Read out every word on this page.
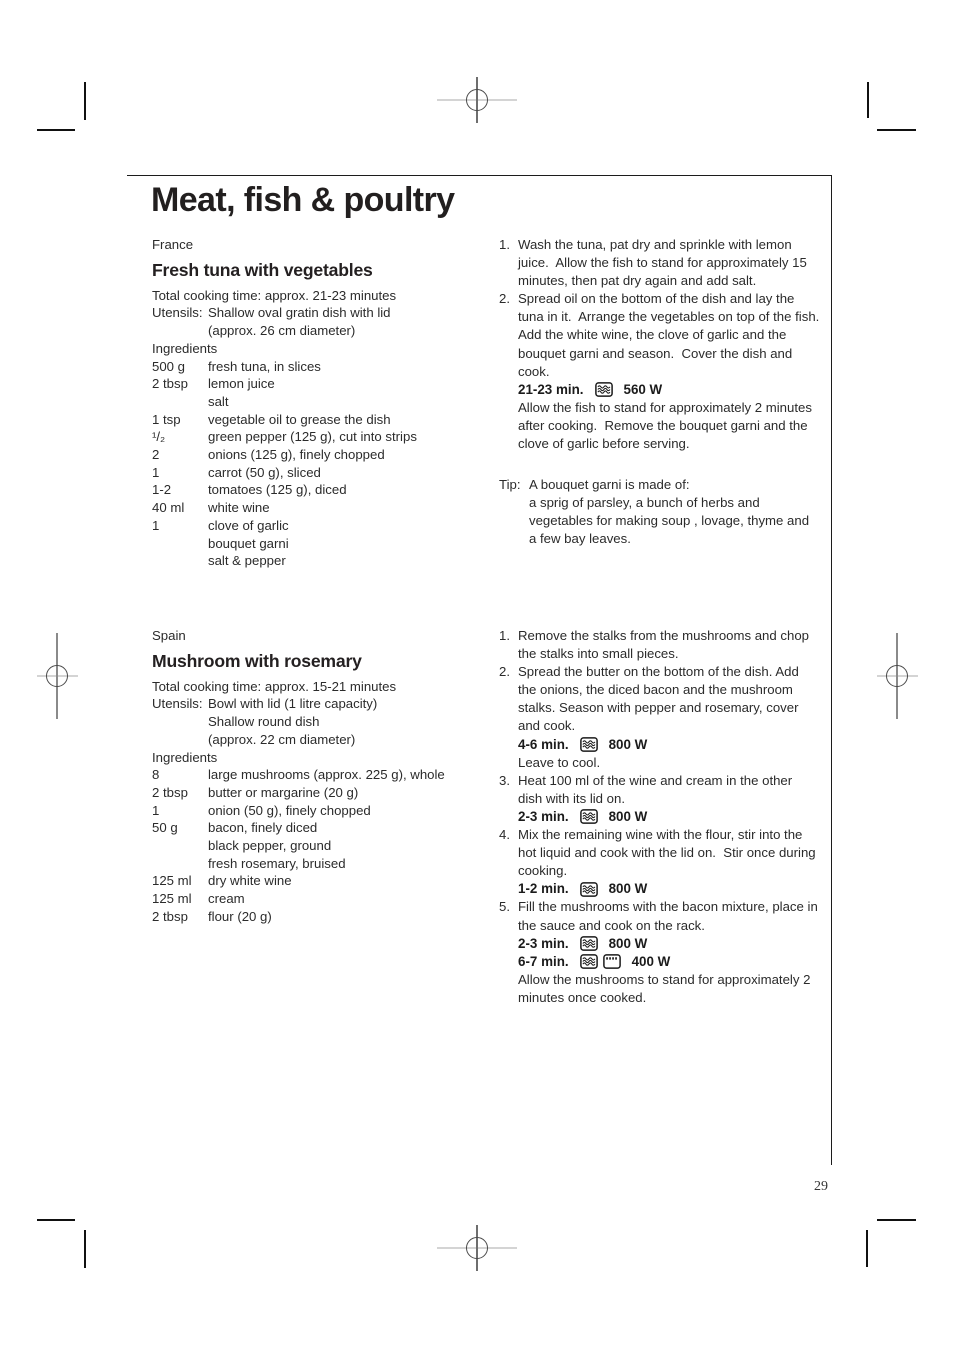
Meat, fish & poultry
France
Fresh tuna with vegetables
Total cooking time: approx. 21-23 minutes
Utensils: Shallow oval gratin dish with lid
(approx. 26 cm diameter)
Ingredients
500 g	fresh tuna, in slices
2 tbsp	lemon juice
salt
1 tsp	vegetable oil to grease the dish
¹/₂	green pepper (125 g), cut into strips
2	onions (125 g), finely chopped
1	carrot (50 g), sliced
1-2	tomatoes (125 g), diced
40 ml	white wine
1	clove of garlic
bouquet garni
salt & pepper
1. Wash the tuna, pat dry and sprinkle with lemon juice.  Allow the fish to stand for approximately 15 minutes, then pat dry again and add salt.

2. Spread oil on the bottom of the dish and lay the tuna in it.  Arrange the vegetables on top of the fish.  Add the white wine, the clove of garlic and the bouquet garni and season.  Cover the dish and cook.

21-23 min.	560 W

Allow the fish to stand for approximately 2 minutes after cooking.  Remove the bouquet garni and the clove of garlic before serving.

Tip: A bouquet garni is made of:

a sprig of parsley, a bunch of herbs and vegetables for making soup , lovage, thyme and a few bay leaves.

Spain
Mushroom with rosemary
Total cooking time: approx. 15-21 minutes
Utensils: Bowl with lid (1 litre capacity)
Shallow round dish
(approx. 22 cm diameter)
Ingredients
8	large mushrooms (approx. 225 g), whole
2 tbsp	butter or margarine (20 g)
1	onion (50 g), finely chopped
50 g	bacon, finely diced
black pepper, ground
fresh rosemary, bruised
125 ml	dry white wine
125 ml	cream
2 tbsp	flour (20 g)
1. Remove the stalks from the mushrooms and chop the stalks into small pieces.

2. Spread the butter on the bottom of the dish. Add the onions, the diced bacon and the mushroom stalks. Season with pepper and rosemary, cover and cook.

4-6 min.	800 W

Leave to cool.

3. Heat 100 ml of the wine and cream in the other dish with its lid on.

2-3 min.	800 W
4. Mix the remaining wine with the flour, stir into the hot liquid and cook with the lid on.  Stir once during cooking.

1-2 min.	800 W
5. Fill the mushrooms with the bacon mixture, place in the sauce and cook on the rack.

2-3 min.	800 W
6-7 min.	400 W

Allow the mushrooms to stand for approximately 2 minutes once cooked.

29
